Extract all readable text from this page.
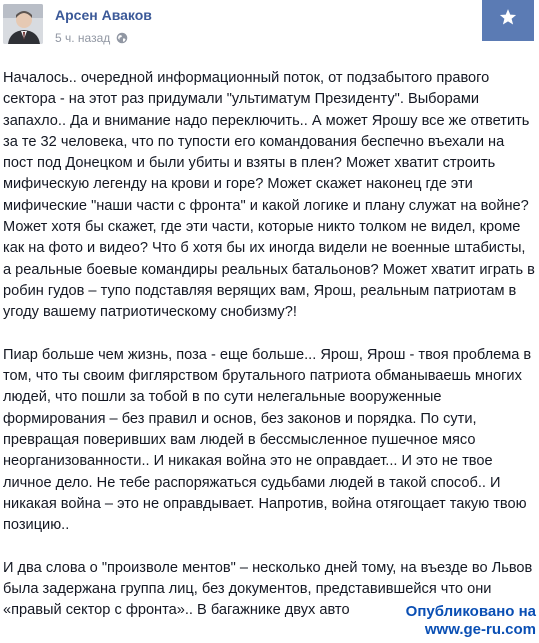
Арсен Аваков
5 ч. назад

Началось.. очередной информационный поток, от подзабытого правого сектора - на этот раз придумали "ультиматум Президенту". Выборами запахло.. Да и внимание надо переключить.. А может Ярошу все же ответить за те 32 человека, что по тупости его командования беспечно въехали на пост под Донецком и были убиты и взяты в плен? Может хватит строить мифическую легенду на крови и горе? Может скажет наконец где эти мифические "наши части с фронта" и какой логике и плану служат на войне? Может хотя бы скажет, где эти части, которые никто толком не видел, кроме как на фото и видео? Что б хотя бы их иногда видели не военные штабисты, а реальные боевые командиры реальных батальонов? Может хватит играть в робин гудов – тупо подставляя верящих вам, Ярош, реальным патриотам в угоду вашему патриотическому снобизму?!

Пиар больше чем жизнь, поза - еще больше... Ярош, Ярош - твоя проблема в том, что ты своим фиглярством брутального патриота обманываешь многих людей, что пошли за тобой в по сути нелегальные вооруженные формирования – без правил и основ, без законов и порядка. По сути, превращая поверивших вам людей в бессмысленное пушечное мясо неорганизованности.. И никакая война это не оправдает... И это не твое личное дело. Не тебе распоряжаться судьбами людей в такой способ.. И никакая война – это не оправдывает. Напротив, война отягощает такую твою позицию..

И два слова о "произволе ментов" – несколько дней тому, на въезде во Львов была задержана группа лиц, без документов, представившейся что они «правый сектор с фронта».. В багажнике двух авто	Опубликовано на
www.ge-ru.com
